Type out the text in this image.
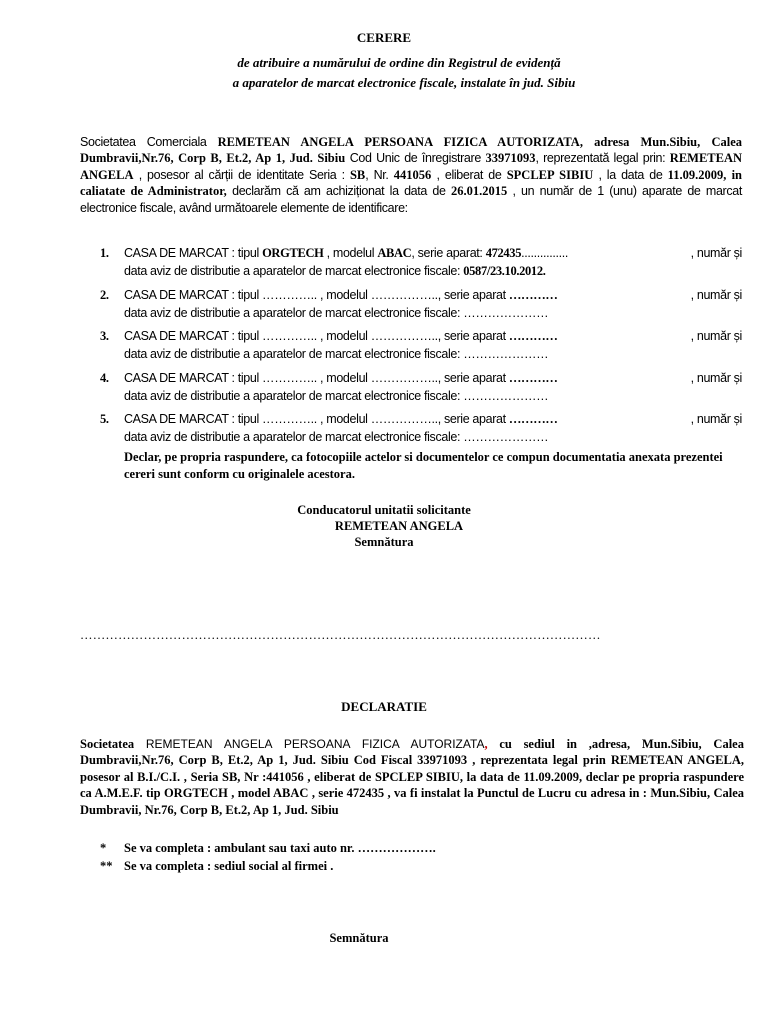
CERERE
de atribuire a numărului de ordine din Registrul de evidență
a aparatelor de marcat electronice fiscale, instalate în jud. Sibiu
Societatea Comerciala REMETEAN ANGELA PERSOANA FIZICA AUTORIZATA, adresa Mun.Sibiu, Calea Dumbravii,Nr.76, Corp B, Et.2, Ap 1, Jud. Sibiu Cod Unic de înregistrare 33971093, reprezentată legal prin: REMETEAN ANGELA , posesor al cărții de identitate Seria : SB, Nr. 441056 , eliberat de SPCLEP SIBIU , la data de 11.09.2009, in caliatate de Administrator, declarăm că am achiziționat la data de 26.01.2015 , un număr de 1 (unu) aparate de marcat electronice fiscale, având următoarele elemente de identificare:
1. CASA DE MARCAT : tipul ORGTECH , modelul ABAC, serie aparat: 472435...............	, număr și
data aviz de distributie a aparatelor de marcat electronice fiscale: 0587/23.10.2012.
2. CASA DE MARCAT : tipul ………….. , modelul …………….., serie aparat …………	, număr și
data aviz de distributie a aparatelor de marcat electronice fiscale: …………………
3. CASA DE MARCAT : tipul ………….. , modelul …………….., serie aparat …………	, număr și
data aviz de distributie a aparatelor de marcat electronice fiscale: …………………
4. CASA DE MARCAT : tipul ………….. , modelul …………….., serie aparat …………	, număr și
data aviz de distributie a aparatelor de marcat electronice fiscale: …………………
5. CASA DE MARCAT : tipul ………….. , modelul …………….., serie aparat …………	, număr și
data aviz de distributie a aparatelor de marcat electronice fiscale: …………………
Declar, pe propria raspundere, ca fotocopiile actelor si documentelor ce compun documentatia anexata prezentei cereri sunt conform cu originalele acestora.
Conducatorul unitatii solicitante
REMETEAN ANGELA
Semnătura
……………………………………………………………………………………………………………
DECLARATIE
Societatea REMETEAN ANGELA PERSOANA FIZICA AUTORIZATA, cu sediul in ,adresa, Mun.Sibiu, Calea Dumbravii,Nr.76, Corp B, Et.2, Ap 1, Jud. Sibiu Cod Fiscal 33971093 , reprezentata legal prin REMETEAN ANGELA, posesor al B.I./C.I. , Seria SB, Nr :441056 , eliberat de SPCLEP SIBIU, la data de 11.09.2009, declar pe propria raspundere ca A.M.E.F. tip ORGTECH , model ABAC , serie 472435 , va fi instalat la Punctul de Lucru cu adresa in : Mun.Sibiu, Calea Dumbravii, Nr.76, Corp B, Et.2, Ap 1, Jud. Sibiu
* Se va completa : ambulant sau taxi auto nr. ……………….
** Se va completa : sediul social al firmei .
Semnătura
